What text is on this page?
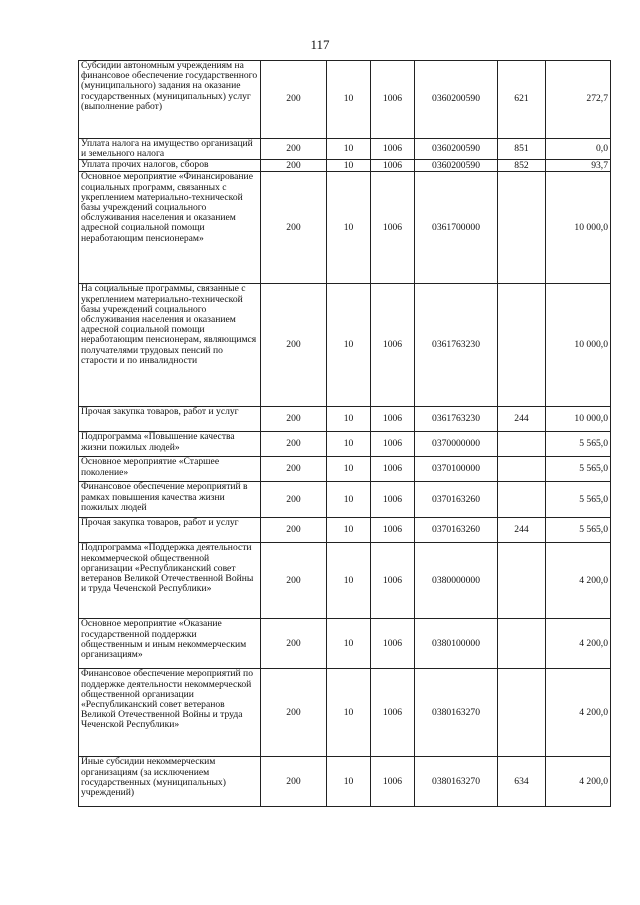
117
Субсидии автономным учреждениям на финансовое обеспечение государственного (муниципального) задания на оказание государственных (муниципальных) услуг (выполнение работ)	200	10	1006	0360200590	621	272,7
Уплата налога на имущество организаций и земельного налога	200	10	1006	0360200590	851	0,0
Уплата прочих налогов, сборов	200	10	1006	0360200590	852	93,7
Основное мероприятие «Финансирование социальных программ, связанных с укреплением материально-технической базы учреждений социального обслуживания населения и оказанием адресной социальной помощи неработающим пенсионерам»	200	10	1006	0361700000		10 000,0
На социальные программы, связанные с укреплением материально-технической базы учреждений социального обслуживания населения и оказанием адресной социальной помощи неработающим пенсионерам, являющимся получателями трудовых пенсий по старости и по инвалидности	200	10	1006	0361763230		10 000,0
Прочая закупка товаров, работ и услуг	200	10	1006	0361763230	244	10 000,0
Подпрограмма «Повышение качества жизни пожилых людей»	200	10	1006	0370000000		5 565,0
Основное мероприятие «Старшее поколение»	200	10	1006	0370100000		5 565,0
Финансовое обеспечение мероприятий в рамках повышения качества жизни пожилых людей	200	10	1006	0370163260		5 565,0
Прочая закупка товаров, работ и услуг	200	10	1006	0370163260	244	5 565,0
Подпрограмма «Поддержка деятельности некоммерческой общественной организации «Республиканский совет ветеранов Великой Отечественной Войны и труда Чеченской Республики»	200	10	1006	0380000000		4 200,0
Основное мероприятие «Оказание государственной поддержки общественным и иным некоммерческим организациям»	200	10	1006	0380100000		4 200,0
Финансовое обеспечение мероприятий по поддержке деятельности некоммерческой общественной организации «Республиканский совет ветеранов Великой Отечественной Войны и труда Чеченской Республики»	200	10	1006	0380163270		4 200,0
Иные субсидии некоммерческим организациям (за исключением государственных (муниципальных) учреждений)	200	10	1006	0380163270	634	4 200,0
